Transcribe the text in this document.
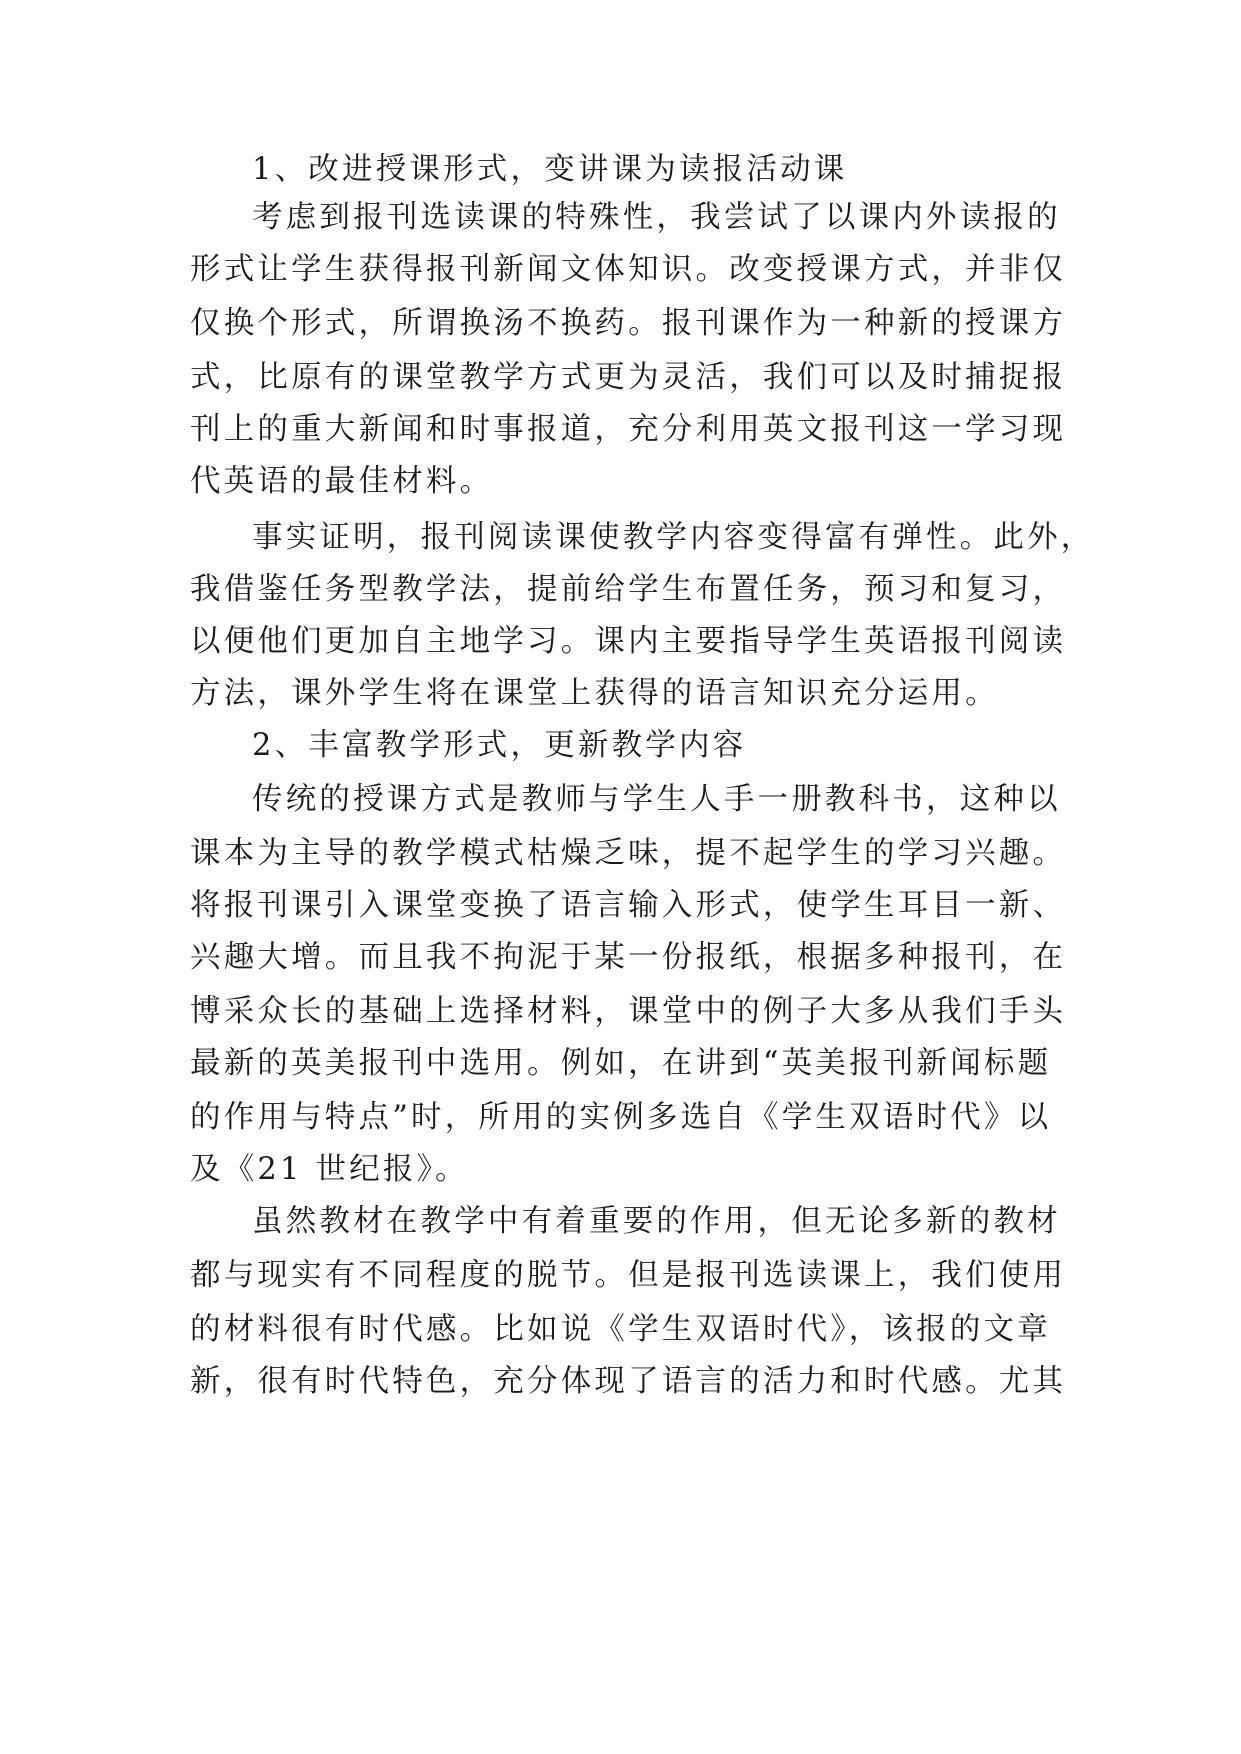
1、改进授课形式，变讲课为读报活动课
考虑到报刊选读课的特殊性，我尝试了以课内外读报的
形式让学生获得报刊新闻文体知识。改变授课方式，并非仅
仅换个形式，所谓换汤不换药。报刊课作为一种新的授课方
式，比原有的课堂教学方式更为灵活，我们可以及时捕捉报
刊上的重大新闻和时事报道，充分利用英文报刊这一学习现
代英语的最佳材料。
事实证明，报刊阅读课使教学内容变得富有弹性。此外，
我借鉴任务型教学法，提前给学生布置任务，预习和复习，
以便他们更加自主地学习。课内主要指导学生英语报刊阅读
方法，课外学生将在课堂上获得的语言知识充分运用。
2、丰富教学形式，更新教学内容
传统的授课方式是教师与学生人手一册教科书，这种以
课本为主导的教学模式枯燥乏味，提不起学生的学习兴趣。
将报刊课引入课堂变换了语言输入形式，使学生耳目一新、
兴趣大增。而且我不拘泥于某一份报纸，根据多种报刊，在
博采众长的基础上选择材料，课堂中的例子大多从我们手头
最新的英美报刊中选用。例如，在讲到“英美报刊新闻标题
的作用与特点”时，所用的实例多选自《学生双语时代》以
及《21 世纪报》。
虽然教材在教学中有着重要的作用，但无论多新的教材
都与现实有不同程度的脱节。但是报刊选读课上，我们使用
的材料很有时代感。比如说《学生双语时代》，该报的文章
新，很有时代特色，充分体现了语言的活力和时代感。尤其
